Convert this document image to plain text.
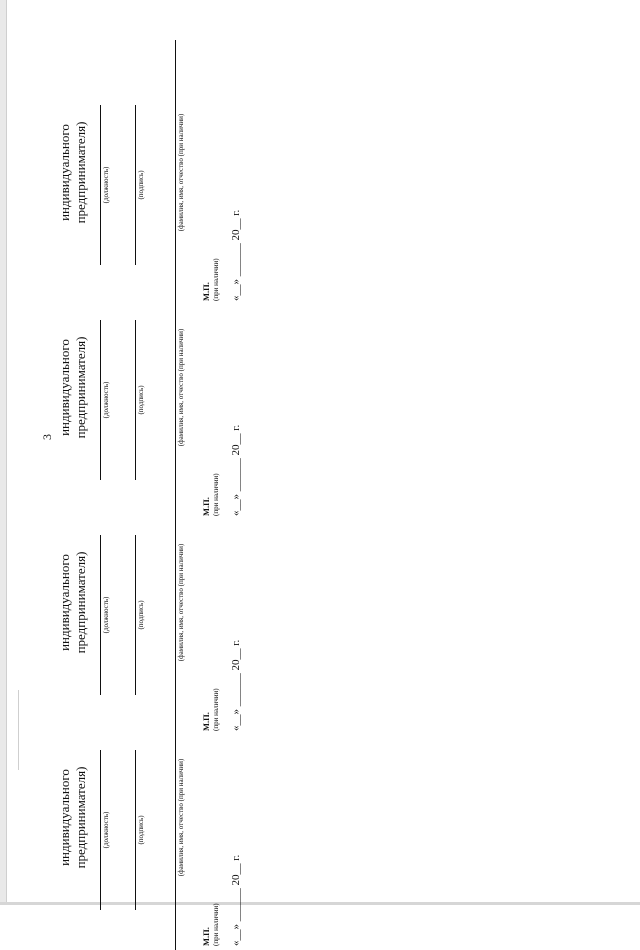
3
индивидуального предпринимателя) (должность)	(подпись)	(фамилия, имя, отчество (при наличии)
М.П. (при наличии) «__» ______ 20__ г.
индивидуального предпринимателя) (должность)	(подпись)	(фамилия, имя, отчество (при наличии)
М.П. (при наличии) «__» ______ 20__ г.
индивидуального предпринимателя) (должность)	(подпись)	(фамилия, имя, отчество (при наличии)
М.П. (при наличии) «__» ______ 20__ г.
индивидуального предпринимателя) (должность)	(подпись)	(фамилия, имя, отчество (при наличии)
М.П. (при наличии) «__» ______ 20__ г.
